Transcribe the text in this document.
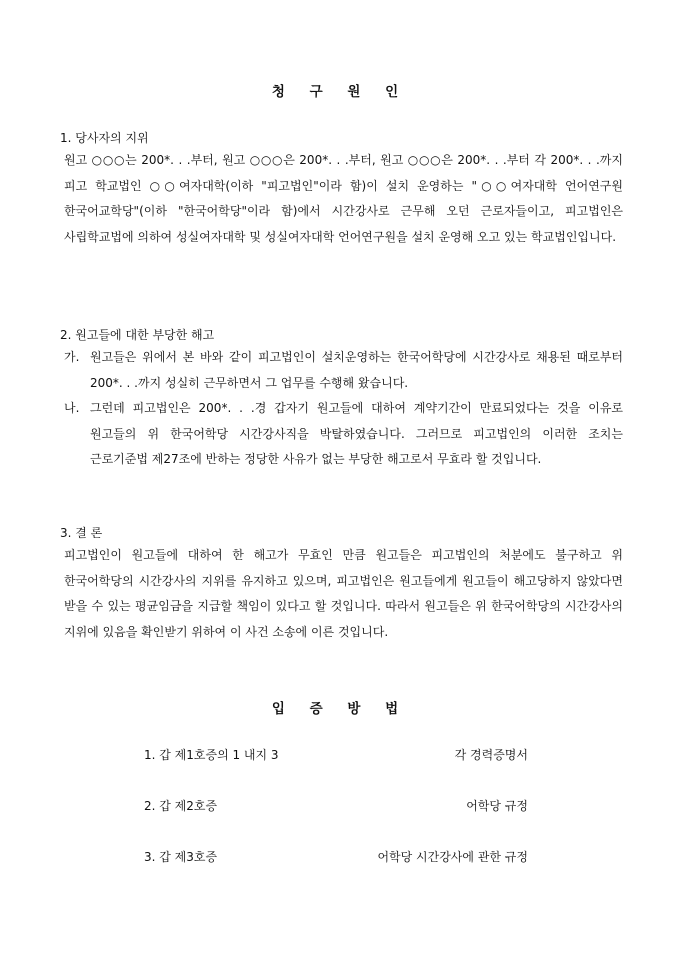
청 구 원 인
1. 당사자의 지위
원고 ○○○는 200*. . .부터, 원고 ○○○은 200*. . .부터, 원고 ○○○은 200*. . .부터 각 200*. . .까지 피고 학교법인 ○○여자대학(이하 "피고법인"이라 함)이 설치 운영하는 "○○여자대학 언어연구원 한국어교학당"(이하 "한국어학당"이라 함)에서 시간강사로 근무해 오던 근로자들이고, 피고법인은 사립학교법에 의하여 성실여자대학 및 성실여자대학 언어연구원을 설치 운영해 오고 있는 학교법인입니다.
2. 원고들에 대한 부당한 해고
가. 원고들은 위에서 본 바와 같이 피고법인이 설치운영하는 한국어학당에 시간강사로 채용된 때로부터 200*. . .까지 성실히 근무하면서 그 업무를 수행해 왔습니다.
나. 그런데 피고법인은 200*. . .경 갑자기 원고들에 대하여 계약기간이 만료되었다는 것을 이유로 원고들의 위 한국어학당 시간강사직을 박탈하였습니다. 그러므로 피고법인의 이러한 조치는 근로기준법 제27조에 반하는 정당한 사유가 없는 부당한 해고로서 무효라 할 것입니다.
3. 결 론
피고법인이 원고들에 대하여 한 해고가 무효인 만큼 원고들은 피고법인의 처분에도 불구하고 위 한국어학당의 시간강사의 지위를 유지하고 있으며, 피고법인은 원고들에게 원고들이 해고당하지 않았다면 받을 수 있는 평균임금을 지급할 책임이 있다고 할 것입니다. 따라서 원고들은 위 한국어학당의 시간강사의 지위에 있음을 확인받기 위하여 이 사건 소송에 이른 것입니다.
입 증 방 법
1. 갑 제1호증의 1 내지 3	각 경력증명서
2. 갑 제2호증	어학당 규정
3. 갑 제3호증	어학당 시간강사에 관한 규정
